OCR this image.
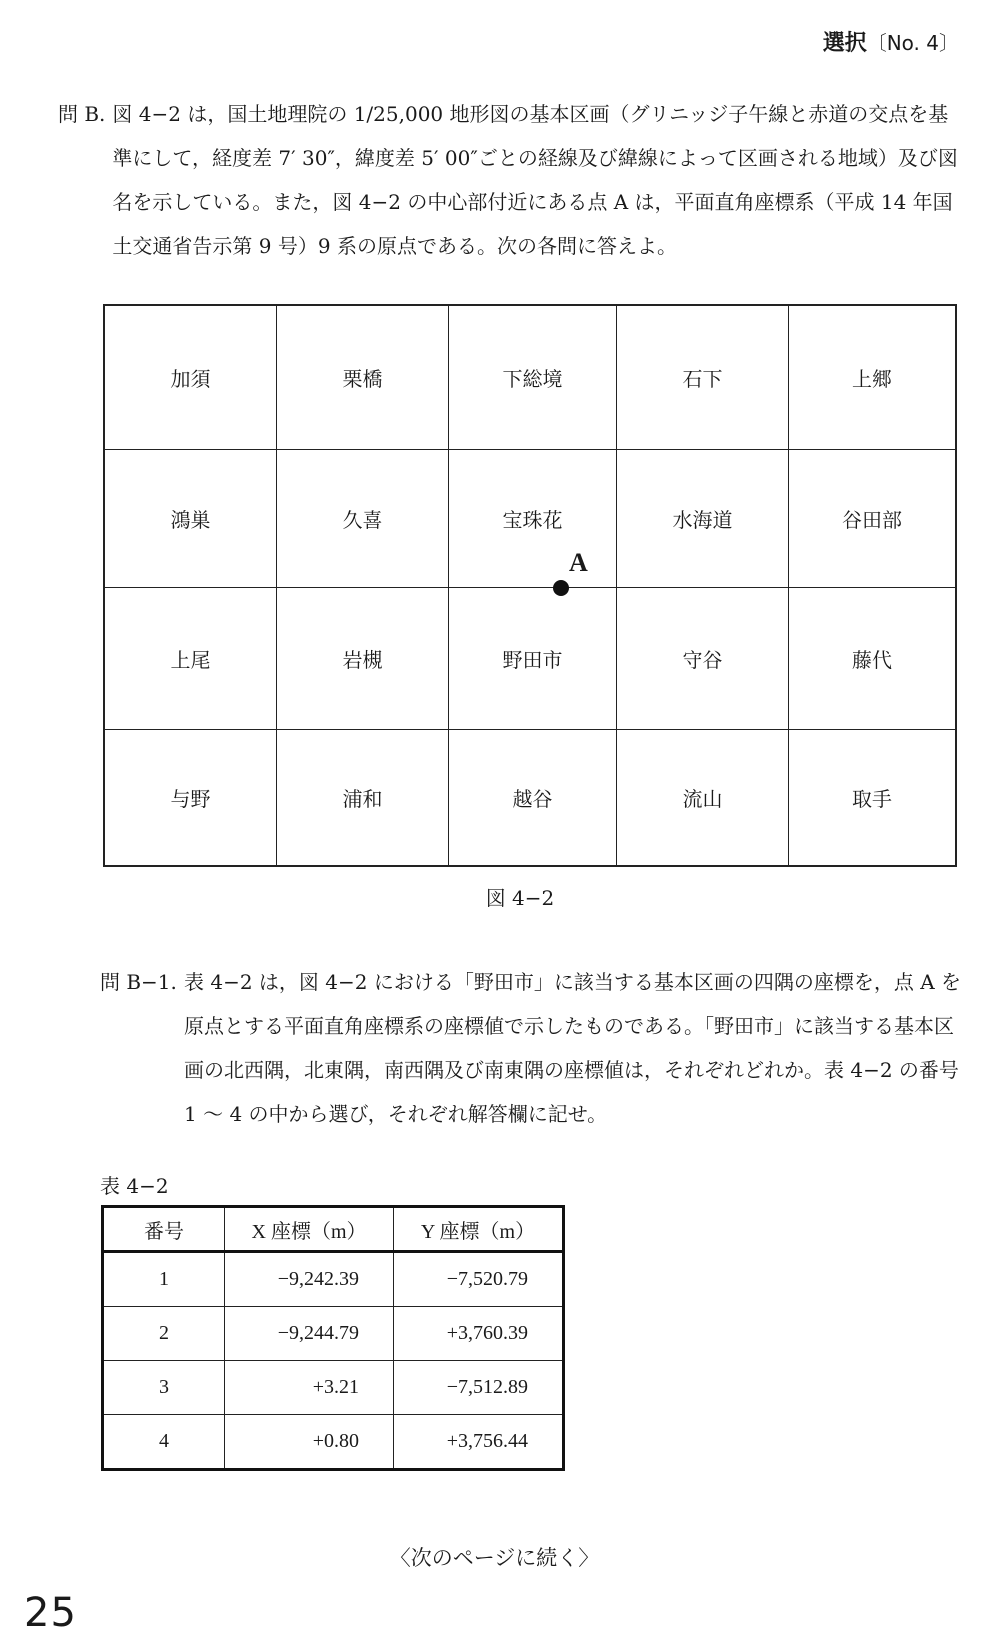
選択〔No. 4〕
問 B. 図 4−2 は，国土地理院の 1/25,000 地形図の基本区画（グリニッジ子午線と赤道の交点を基準にして，経度差 7′ 30″，緯度差 5′ 00″ごとの経線及び緯線によって区画される地域）及び図名を示している。また，図 4−2 の中心部付近にある点 A は，平面直角座標系（平成 14 年国土交通省告示第 9 号）9 系の原点である。次の各問に答えよ。
加須	栗橋	下総境	石下	上郷
鴻巣	久喜	宝珠花	水海道	谷田部
上尾	岩槻	野田市	守谷	藤代
与野	浦和	越谷	流山	取手
A
図 4−2
問 B−1. 表 4−2 は，図 4−2 における「野田市」に該当する基本区画の四隅の座標を，点 A を原点とする平面直角座標系の座標値で示したものである。「野田市」に該当する基本区画の北西隅，北東隅，南西隅及び南東隅の座標値は，それぞれどれか。表 4−2 の番号 1 〜 4 の中から選び，それぞれ解答欄に記せ。
表 4−2
番号	X 座標（m）	Y 座標（m）
1	−9,242.39	−7,520.79
2	−9,244.79	+3,760.39
3	+3.21	−7,512.89
4	+0.80	+3,756.44
〈次のページに続く〉
25
